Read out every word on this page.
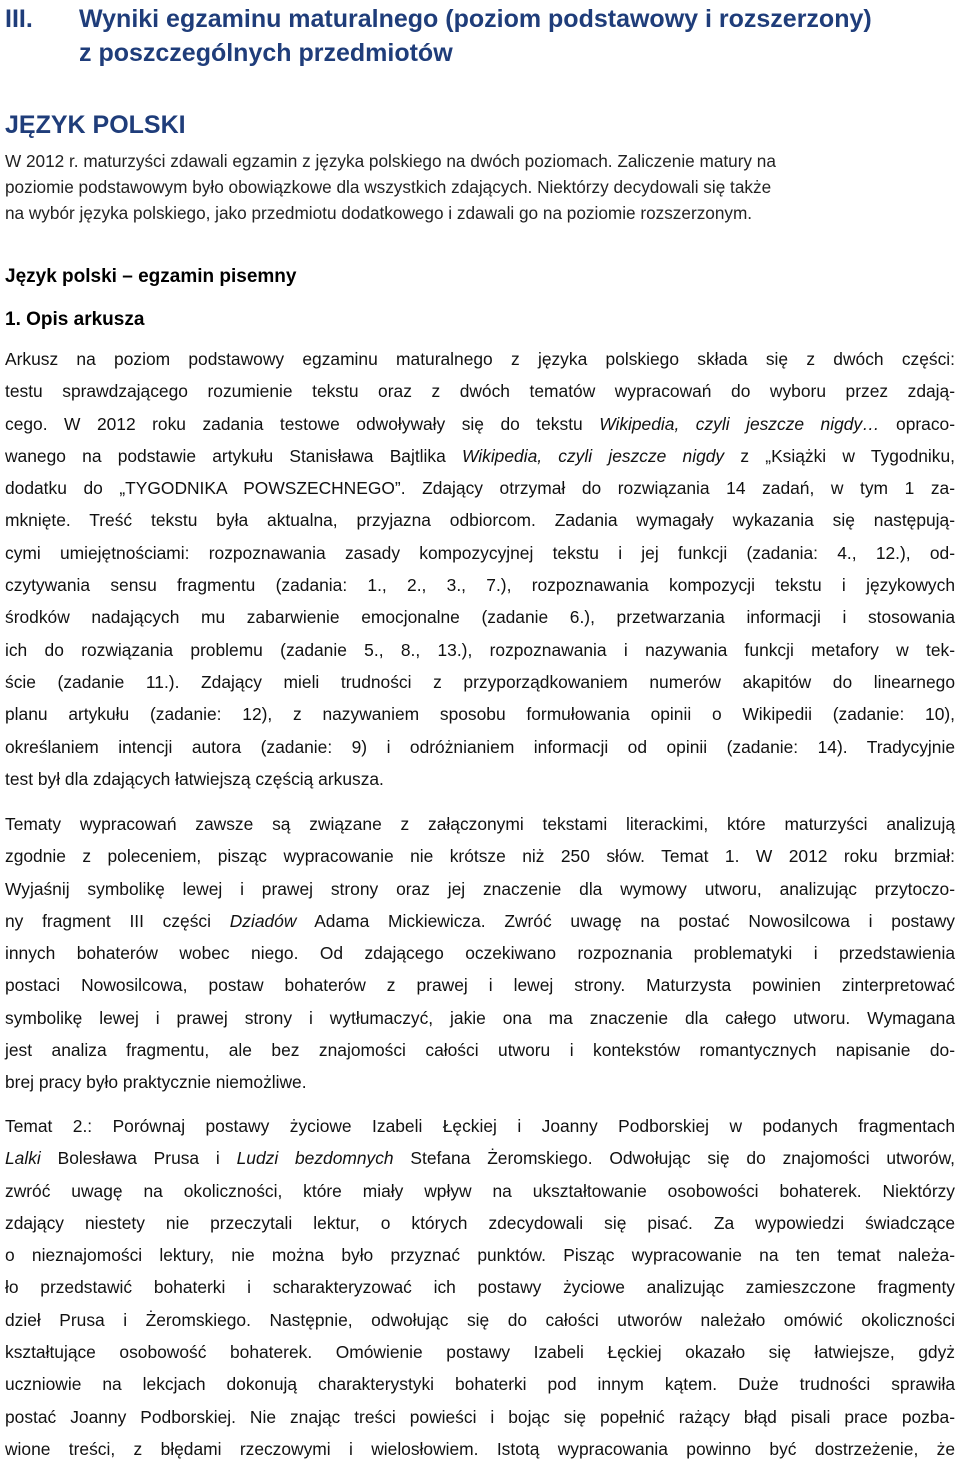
III. Wyniki egzaminu maturalnego (poziom podstawowy i rozszerzony)
z poszczególnych przedmiotów
JĘZYK POLSKI
W 2012 r. maturzyści zdawali egzamin z języka polskiego na dwóch poziomach. Zaliczenie matury na
poziomie podstawowym było obowiązkowe dla wszystkich zdających. Niektórzy decydowali się także
na wybór języka polskiego, jako przedmiotu dodatkowego i zdawali go na poziomie rozszerzonym.
Język polski – egzamin pisemny
1. Opis arkusza
Arkusz na poziom podstawowy egzaminu maturalnego z języka polskiego składa się z dwóch części:
testu sprawdzającego rozumienie tekstu oraz z dwóch tematów wypracowań do wyboru przez zdają-
cego. W 2012 roku zadania testowe odwoływały się do tekstu Wikipedia, czyli jeszcze nigdy… opraco-
wanego na podstawie artykułu Stanisława Bajtlika Wikipedia, czyli jeszcze nigdy z „Książki w Tygodniku,
dodatku do „TYGODNIKA POWSZECHNEGO”. Zdający otrzymał do rozwiązania 14 zadań, w tym 1 za-
mknięte. Treść tekstu była aktualna, przyjazna odbiorcom. Zadania wymagały wykazania się następują-
cymi umiejętnościami: rozpoznawania zasady kompozycyjnej tekstu i jej funkcji (zadania: 4., 12.), od-
czytywania sensu fragmentu (zadania: 1., 2., 3., 7.), rozpoznawania kompozycji tekstu i językowych
środków nadających mu zabarwienie emocjonalne (zadanie 6.), przetwarzania informacji i stosowania
ich do rozwiązania problemu (zadanie 5., 8., 13.), rozpoznawania i nazywania funkcji metafory w tek-
ście (zadanie 11.). Zdający mieli trudności z przyporządkowaniem numerów akapitów do linearnego
planu artykułu (zadanie: 12), z nazywaniem sposobu formułowania opinii o Wikipedii (zadanie: 10),
określaniem intencji autora (zadanie: 9) i odróżnianiem informacji od opinii (zadanie: 14). Tradycyjnie
test był dla zdających łatwiejszą częścią arkusza.
Tematy wypracowań zawsze są związane z załączonymi tekstami literackimi, które maturzyści analizują
zgodnie z poleceniem, pisząc wypracowanie nie krótsze niż 250 słów. Temat 1. W 2012 roku brzmiał:
Wyjaśnij symbolikę lewej i prawej strony oraz jej znaczenie dla wymowy utworu, analizując przytoczo-
ny fragment III części Dziadów Adama Mickiewicza. Zwróć uwagę na postać Nowosilcowa i postawy
innych bohaterów wobec niego. Od zdającego oczekiwano rozpoznania problematyki i przedstawienia
postaci Nowosilcowa, postaw bohaterów z prawej i lewej strony. Maturzysta powinien zinterpretować
symbolikę lewej i prawej strony i wytłumaczyć, jakie ona ma znaczenie dla całego utworu. Wymagana
jest analiza fragmentu, ale bez znajomości całości utworu i kontekstów romantycznych napisanie do-
brej pracy było praktycznie niemożliwe.
Temat 2.: Porównaj postawy życiowe Izabeli Łęckiej i Joanny Podborskiej w podanych fragmentach
Lalki Bolesława Prusa i Ludzi bezdomnych Stefana Żeromskiego. Odwołując się do znajomości utworów,
zwróć uwagę na okoliczności, które miały wpływ na ukształtowanie osobowości bohaterek. Niektórzy
zdający niestety nie przeczytali lektur, o których zdecydowali się pisać. Za wypowiedzi świadczące
o nieznajomości lektury, nie można było przyznać punktów. Pisząc wypracowanie na ten temat należa-
ło przedstawić bohaterki i scharakteryzować ich postawy życiowe analizując zamieszczone fragmenty
dzieł Prusa i Żeromskiego. Następnie, odwołując się do całości utworów należało omówić okoliczności
kształtujące osobowość bohaterek. Omówienie postawy Izabeli Łęckiej okazało się łatwiejsze, gdyż
uczniowie na lekcjach dokonują charakterystyki bohaterki pod innym kątem. Duże trudności sprawiła
postać Joanny Podborskiej. Nie znając treści powieści i bojąc się popełnić rażący błąd pisali prace pozba-
wione treści, z błędami rzeczowymi i wielosłowiem. Istotą wypracowania powinno być dostrzeżenie, że
